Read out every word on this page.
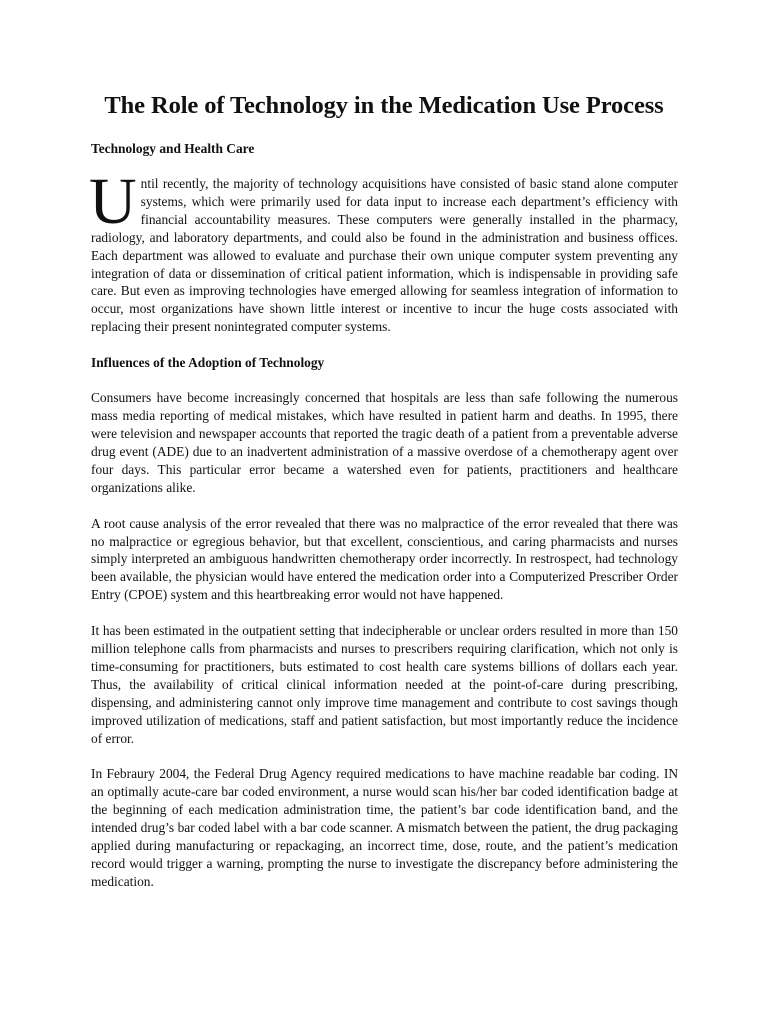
The Role of Technology in the Medication Use Process
Technology and Health Care

Until recently, the majority of technology acquisitions have consisted of basic stand alone computer systems, which were primarily used for data input to increase each department’s efficiency with financial accountability measures. These computers were generally installed in the pharmacy, radiology, and laboratory departments, and could also be found in the administration and business offices. Each department was allowed to evaluate and purchase their own unique computer system preventing any integration of data or dissemination of critical patient information, which is indispensable in providing safe care. But even as improving technologies have emerged allowing for seamless integration of information to occur, most organizations have shown little interest or incentive to incur the huge costs associated with replacing their present nonintegrated computer systems.

Influences of the Adoption of Technology

Consumers have become increasingly concerned that hospitals are less than safe following the numerous mass media reporting of medical mistakes, which have resulted in patient harm and deaths. In 1995, there were television and newspaper accounts that reported the tragic death of a patient from a preventable adverse drug event (ADE) due to an inadvertent administration of a massive overdose of a chemotherapy agent over four days. This particular error became a watershed even for patients, practitioners and healthcare organizations alike.

A root cause analysis of the error revealed that there was no malpractice of the error revealed that there was no malpractice or egregious behavior, but that excellent, conscientious, and caring pharmacists and nurses simply interpreted an ambiguous handwritten chemotherapy order incorrectly. In restrospect, had technology been available, the physician would have entered the medication order into a Computerized Prescriber Order Entry (CPOE) system and this heartbreaking error would not have happened.

It has been estimated in the outpatient setting that indecipherable or unclear orders resulted in more than 150 million telephone calls from pharmacists and nurses to prescribers requiring clarification, which not only is time-consuming for practitioners, buts estimated to cost health care systems billions of dollars each year. Thus, the availability of critical clinical information needed at the point-of-care during prescribing, dispensing, and administering cannot only improve time management and contribute to cost savings though improved utilization of medications, staff and patient satisfaction, but most importantly reduce the incidence of error.

In Febraury 2004, the Federal Drug Agency required medications to have machine readable bar coding. IN an optimally acute-care bar coded environment, a nurse would scan his/her bar coded identification badge at the beginning of each medication administration time, the patient’s bar code identification band, and the intended drug’s bar coded label with a bar code scanner. A mismatch between the patient, the drug packaging applied during manufacturing or repackaging, an incorrect time, dose, route, and the patient’s medication record would trigger a warning, prompting the nurse to investigate the discrepancy before administering the medication.
